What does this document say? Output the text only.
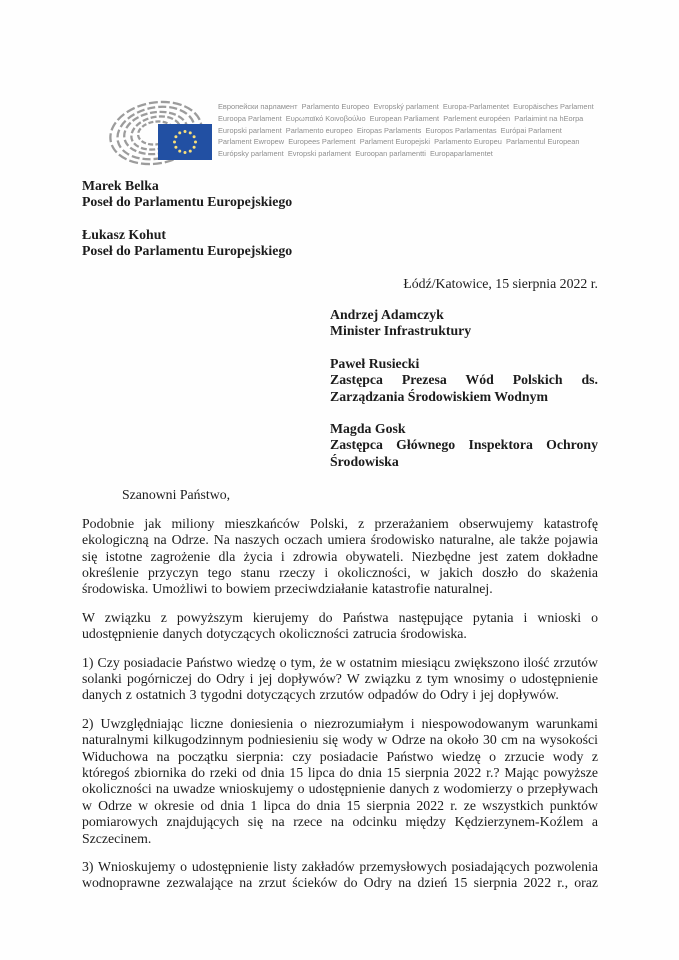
Европейски парламент  Parlamento Europeo  Evropský parlament  Europa-Parlamentet  Europäisches Parlament
Euroopa Parlament  Ευρωπαϊκό Κοινοβούλιο  European Parliament  Parlement européen  Parlaimint na hEorpa
Europski parlament  Parlamento europeo  Eiropas Parlaments  Europos Parlamentas  Európai Parlament
Parlament Ewropew  Europees Parlement  Parlament Europejski  Parlamento Europeu  Parlamentul European
Európsky parlament  Evropski parlament  Euroopan parlamentti  Europaparlamentet
Marek Belka
Poseł do Parlamentu Europejskiego
Łukasz Kohut
Poseł do Parlamentu Europejskiego
Łódź/Katowice, 15 sierpnia 2022 r.
Andrzej Adamczyk
Minister Infrastruktury
Paweł Rusiecki
Zastępca Prezesa Wód Polskich ds. Zarządzania Środowiskiem Wodnym
Magda Gosk
Zastępca Głównego Inspektora Ochrony Środowiska
Szanowni Państwo,

Podobnie jak miliony mieszkańców Polski, z przerażaniem obserwujemy katastrofę ekologiczną na Odrze. Na naszych oczach umiera środowisko naturalne, ale także pojawia się istotne zagrożenie dla życia i zdrowia obywateli. Niezbędne jest zatem dokładne określenie przyczyn tego stanu rzeczy i okoliczności, w jakich doszło do skażenia środowiska. Umożliwi to bowiem przeciwdziałanie katastrofie naturalnej.

W związku z powyższym kierujemy do Państwa następujące pytania i wnioski o udostępnienie danych dotyczących okoliczności zatrucia środowiska.

1) Czy posiadacie Państwo wiedzę o tym, że w ostatnim miesiącu zwiększono ilość zrzutów solanki pogórniczej do Odry i jej dopływów? W związku z tym wnosimy o udostępnienie danych z ostatnich 3 tygodni dotyczących zrzutów odpadów do Odry i jej dopływów.

2) Uwzględniając liczne doniesienia o niezrozumiałym i niespowodowanym warunkami naturalnymi kilkugodzinnym podniesieniu się wody w Odrze na około 30 cm na wysokości Widuchowa na początku sierpnia: czy posiadacie Państwo wiedzę o zrzucie wody z któregoś zbiornika do rzeki od dnia 15 lipca do dnia 15 sierpnia 2022 r.? Mając powyższe okoliczności na uwadze wnioskujemy o udostępnienie danych z wodomierzy o przepływach w Odrze w okresie od dnia 1 lipca do dnia 15 sierpnia 2022 r. ze wszystkich punktów pomiarowych znajdujących się na rzece na odcinku między Kędzierzynem-Koźlem a Szczecinem.

3) Wnioskujemy o udostępnienie listy zakładów przemysłowych posiadających pozwolenia wodnoprawne zezwalające na zrzut ścieków do Odry na dzień 15 sierpnia 2022 r., oraz
